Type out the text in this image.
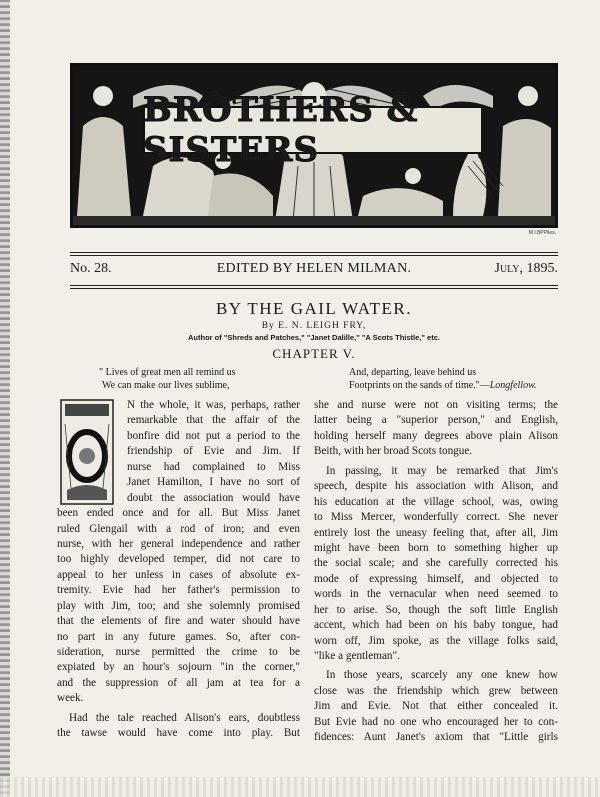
BROTHERS & SISTERS
M.I.BPPiles.
No. 28.	EDITED BY HELEN MILMAN.	July, 1895.
BY THE GAIL WATER.
By E. N. LEIGH FRY,
Author of "Shreds and Patches," "Janet Dalille," "A Scots Thistle," etc.
CHAPTER V.
" Lives of great men all remind us
We can make our lives sublime,
And, departing, leave behind us
Footprints on the sands of time."—Longfellow.
N the whole, it was, perhaps, rather
remarkable that the affair of the
bonfire did not put a period to the
friendship of Evie and Jim. If
nurse had complained to Miss
Janet Hamilton, I have no sort of
doubt the association would have
been ended once and for all. But Miss Janet
ruled Glengail with a rod of iron; and even
nurse, with her general independence and rather
too highly developed temper, did not care to
appeal to her unless in cases of absolute ex-
tremity. Evie had her father's permission to
play with Jim, too; and she solemnly promised
that the elements of fire and water should have
no part in any future games. So, after con-
sideration, nurse permitted the crime to be
expiated by an hour's sojourn "in the corner,"
and the suppression of all jam at tea for a
week.
Had the tale reached Alison's ears, doubtless
the tawse would have come into play. But
she and nurse were not on visiting terms; the
latter being a "superior person," and English,
holding herself many degrees above plain Alison
Beith, with her broad Scots tongue.
In passing, it may be remarked that Jim's
speech, despite his association with Alison, and
his education at the village school, was, owing
to Miss Mercer, wonderfully correct. She never
entirely lost the uneasy feeling that, after all, Jim
might have been born to something higher up
the social scale; and she carefully corrected his
mode of expressing himself, and objected to
words in the vernacular when need seemed to
her to arise. So, though the soft little English
accent, which had been on his baby tongue, had
worn off, Jim spoke, as the village folks said,
"like a gentleman".
In those years, scarcely any one knew how
close was the friendship which grew between
Jim and Evie. Not that either concealed it.
But Evie had no one who encouraged her to con-
fidences: Aunt Janet's axiom that "Little girls
